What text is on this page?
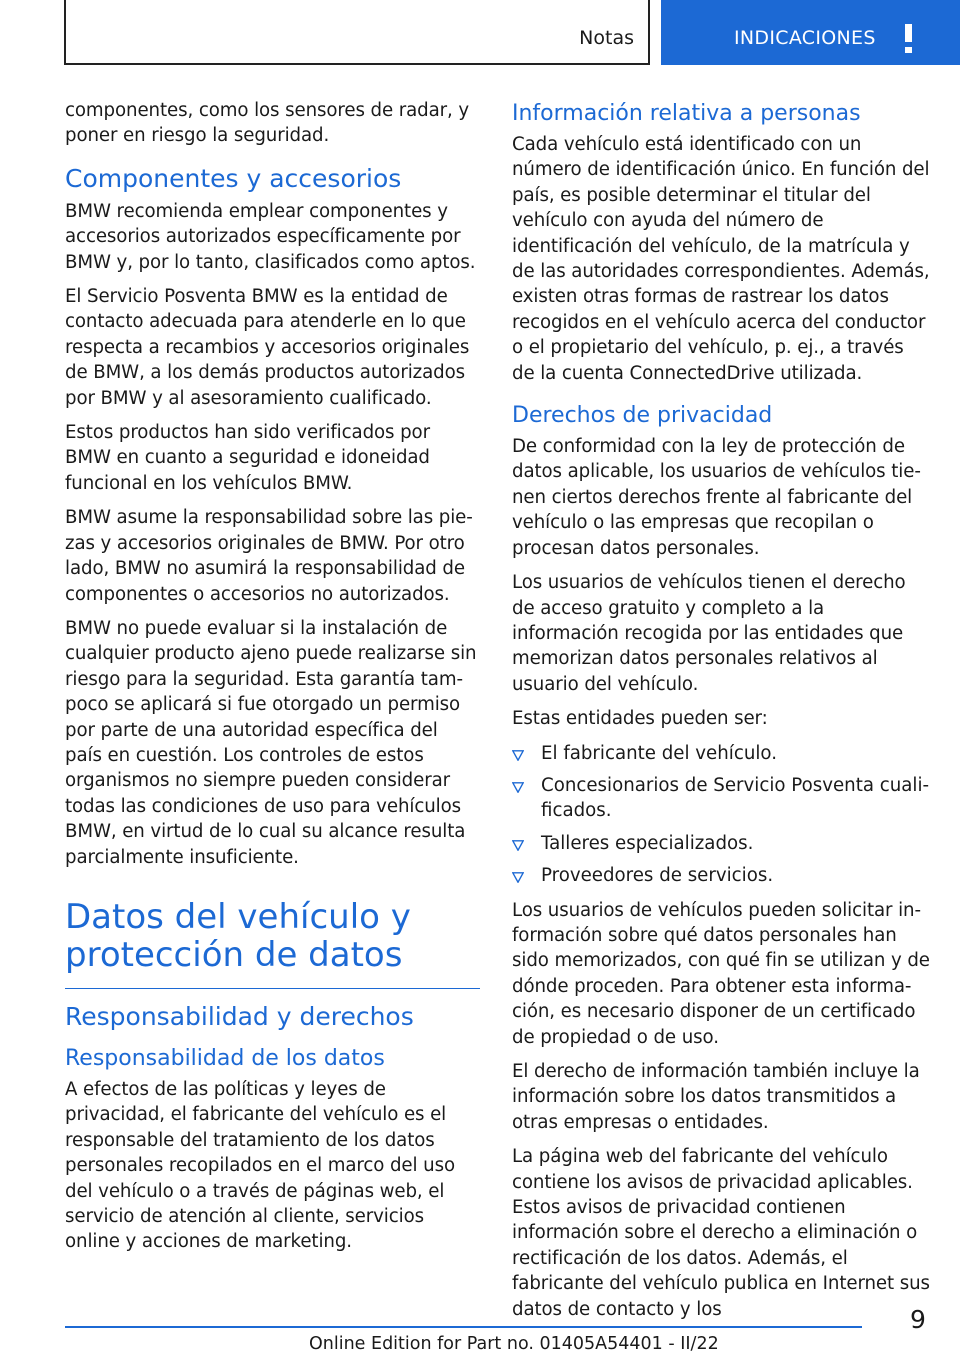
Notas	INDICACIONES

componentes, como los sensores de radar, y poner en riesgo la seguridad.

Componentes y accesorios

BMW recomienda emplear componentes y accesorios autorizados específicamente por BMW y, por lo tanto, clasificados como aptos.

El Servicio Posventa BMW es la entidad de contacto adecuada para atenderle en lo que respecta a recambios y accesorios originales de BMW, a los demás productos autorizados por BMW y al asesoramiento cualificado.

Estos productos han sido verificados por BMW en cuanto a seguridad e idoneidad funcional en los vehículos BMW.

BMW asume la responsabilidad sobre las piezas y accesorios originales de BMW. Por otro lado, BMW no asumirá la responsabilidad de componentes o accesorios no autorizados.

BMW no puede evaluar si la instalación de cualquier producto ajeno puede realizarse sin riesgo para la seguridad. Esta garantía tampoco se aplicará si fue otorgado un permiso por parte de una autoridad específica del país en cuestión. Los controles de estos organismos no siempre pueden considerar todas las condiciones de uso para vehículos BMW, en virtud de lo cual su alcance resulta parcialmente insuficiente.

Datos del vehículo y protección de datos
Responsabilidad y derechos
Responsabilidad de los datos

A efectos de las políticas y leyes de privacidad, el fabricante del vehículo es el responsable del tratamiento de los datos personales recopilados en el marco del uso del vehículo o a través de páginas web, el servicio de atención al cliente, servicios online y acciones de marketing.

Información relativa a personas

Cada vehículo está identificado con un número de identificación único. En función del país, es posible determinar el titular del vehículo con ayuda del número de identificación del vehículo, de la matrícula y de las autoridades correspondientes. Además, existen otras formas de rastrear los datos recogidos en el vehículo acerca del conductor o el propietario del vehículo, p. ej., a través de la cuenta ConnectedDrive utilizada.

Derechos de privacidad

De conformidad con la ley de protección de datos aplicable, los usuarios de vehículos tienen ciertos derechos frente al fabricante del vehículo o las empresas que recopilan o procesan datos personales.

Los usuarios de vehículos tienen el derecho de acceso gratuito y completo a la información recogida por las entidades que memorizan datos personales relativos al usuario del vehículo.

Estas entidades pueden ser:

El fabricante del vehículo.
Concesionarios de Servicio Posventa cualificados.
Talleres especializados.
Proveedores de servicios.

Los usuarios de vehículos pueden solicitar información sobre qué datos personales han sido memorizados, con qué fin se utilizan y de dónde proceden. Para obtener esta información, es necesario disponer de un certificado de propiedad o de uso.

El derecho de información también incluye la información sobre los datos transmitidos a otras empresas o entidades.

La página web del fabricante del vehículo contiene los avisos de privacidad aplicables. Estos avisos de privacidad contienen información sobre el derecho a eliminación o rectificación de los datos. Además, el fabricante del vehículo publica en Internet sus datos de contacto y los	9
Online Edition for Part no. 01405A54401 - II/22
